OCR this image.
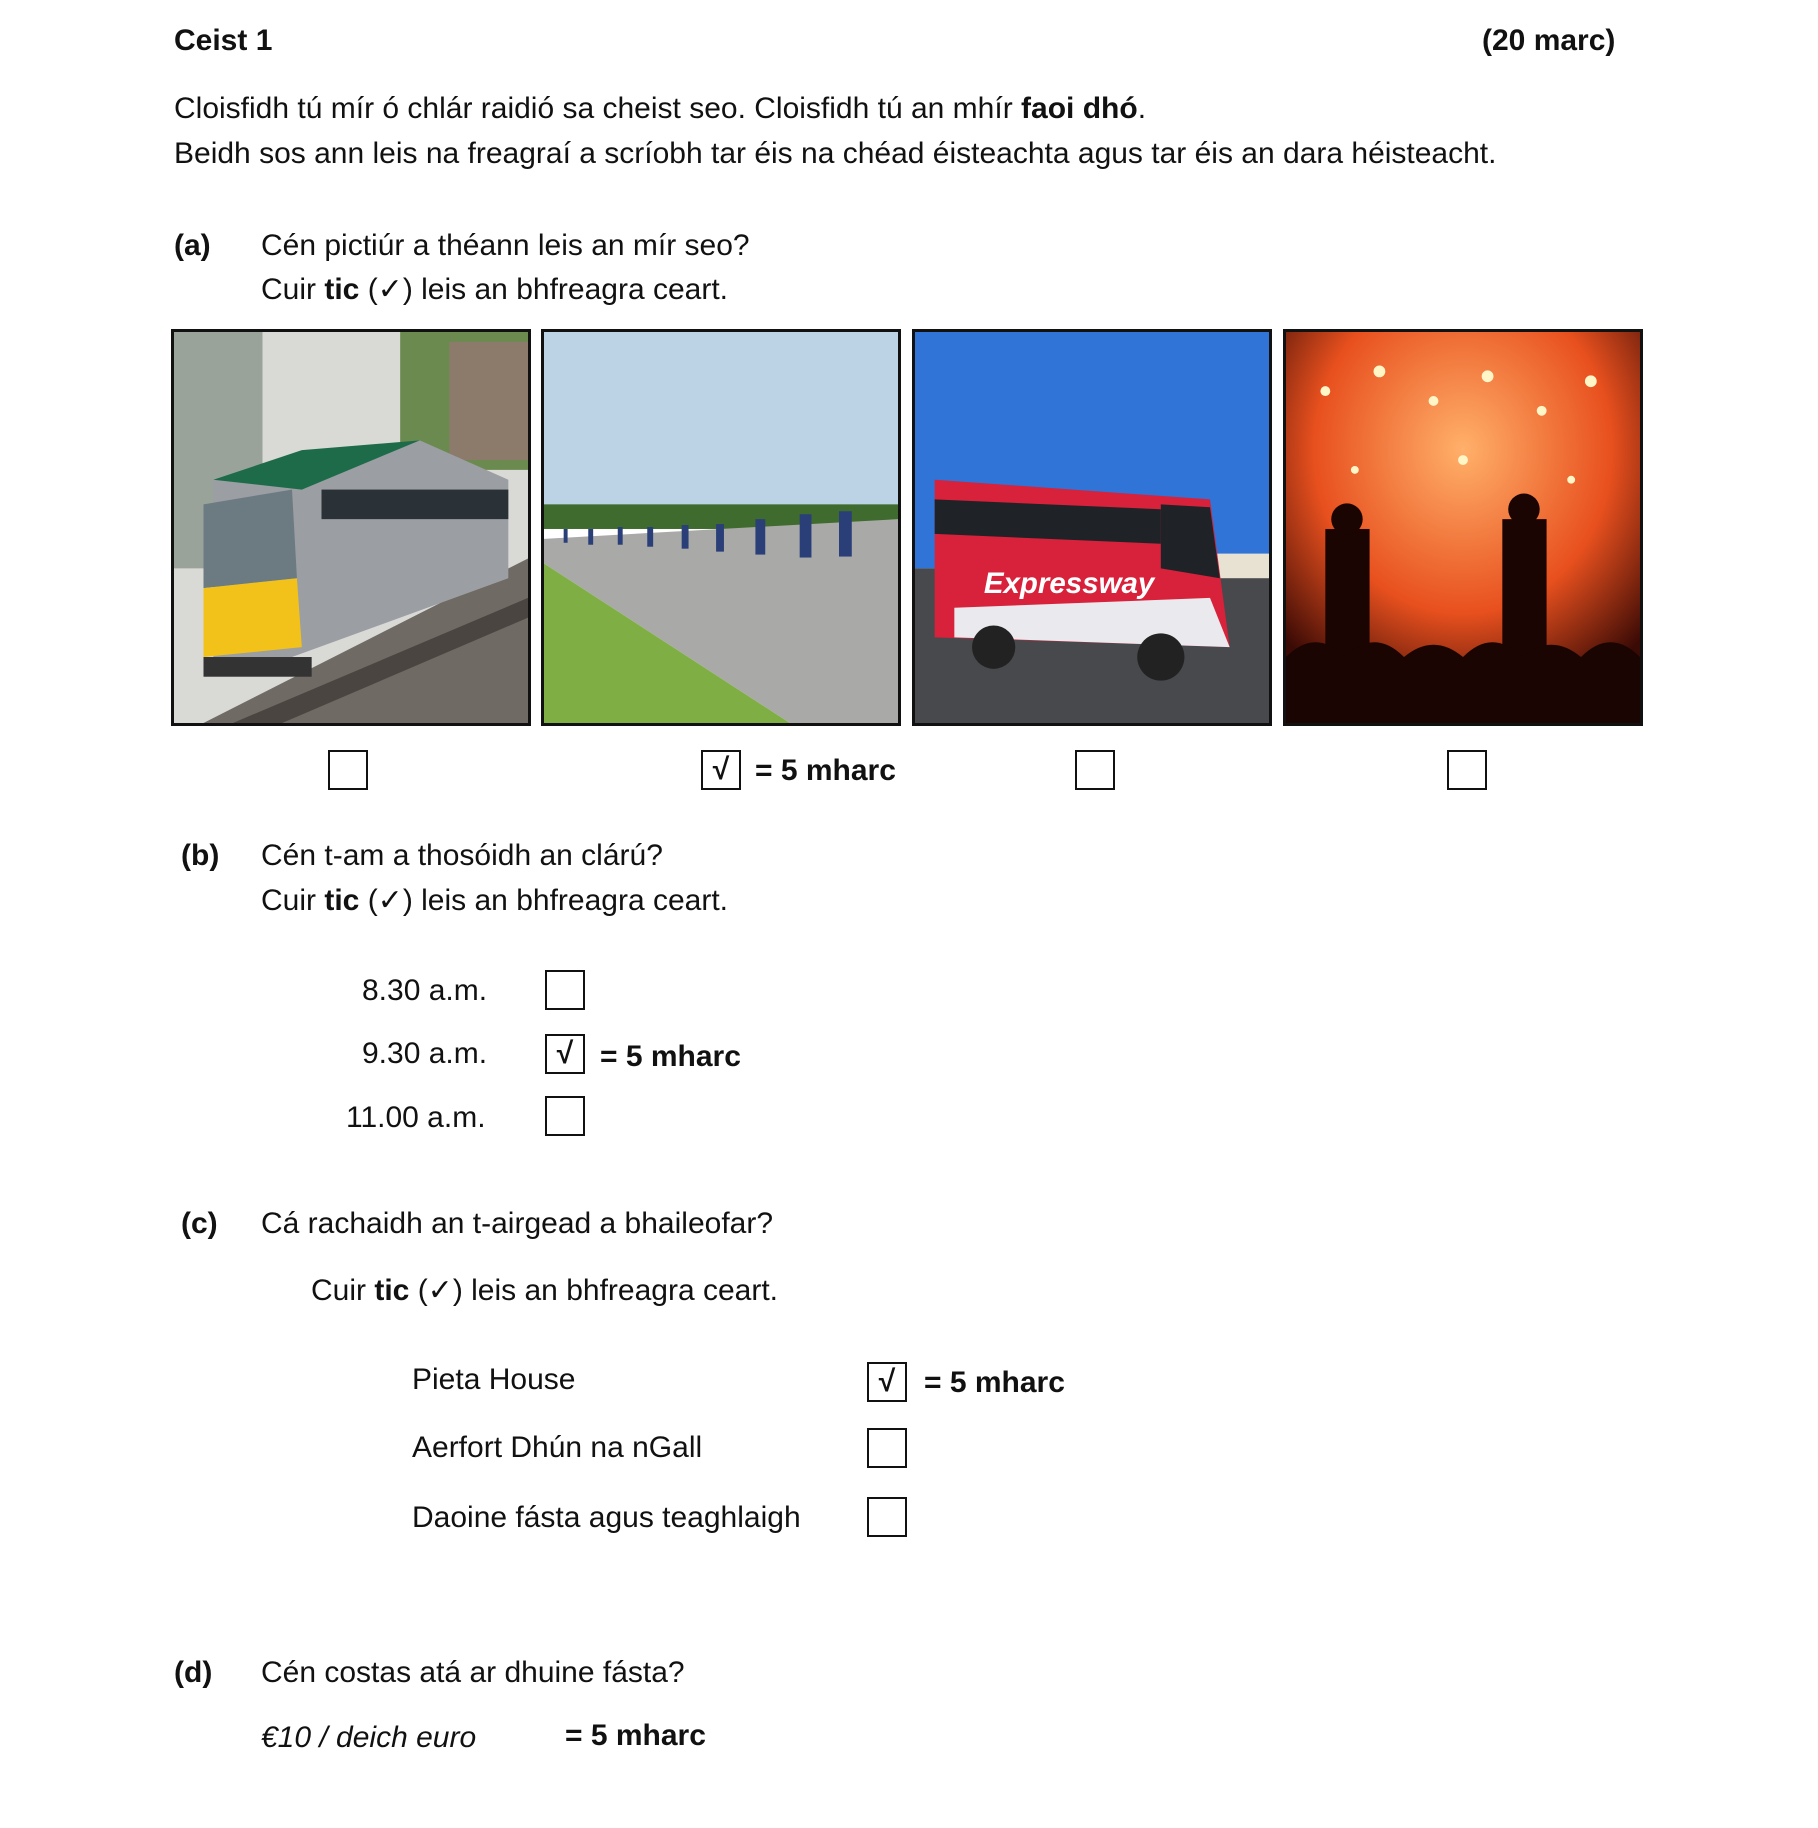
Ceist 1	(20 marc)
Cloisfidh tú mír ó chlár raidió sa cheist seo. Cloisfidh tú an mhír faoi dhó.
Beidh sos ann leis na freagraí a scríobh tar éis na chéad éisteachta agus tar éis an dara héisteacht.
(a) Cén pictiúr a théann leis an mír seo?
Cuir tic (✓) leis an bhfreagra ceart.
Expressway
√ = 5 mharc
(b) Cén t-am a thosóidh an clárú?
Cuir tic (✓) leis an bhfreagra ceart.
8.30 a.m.
9.30 a.m.	√ = 5 mharc
11.00 a.m.
(c) Cá rachaidh an t-airgead a bhaileofar?
Cuir tic (✓) leis an bhfreagra ceart.
Pieta House	√ = 5 mharc
Aerfort Dhún na nGall
Daoine fásta agus teaghlaigh
(d) Cén costas atá ar dhuine fásta?
€10 / deich euro	= 5 mharc
